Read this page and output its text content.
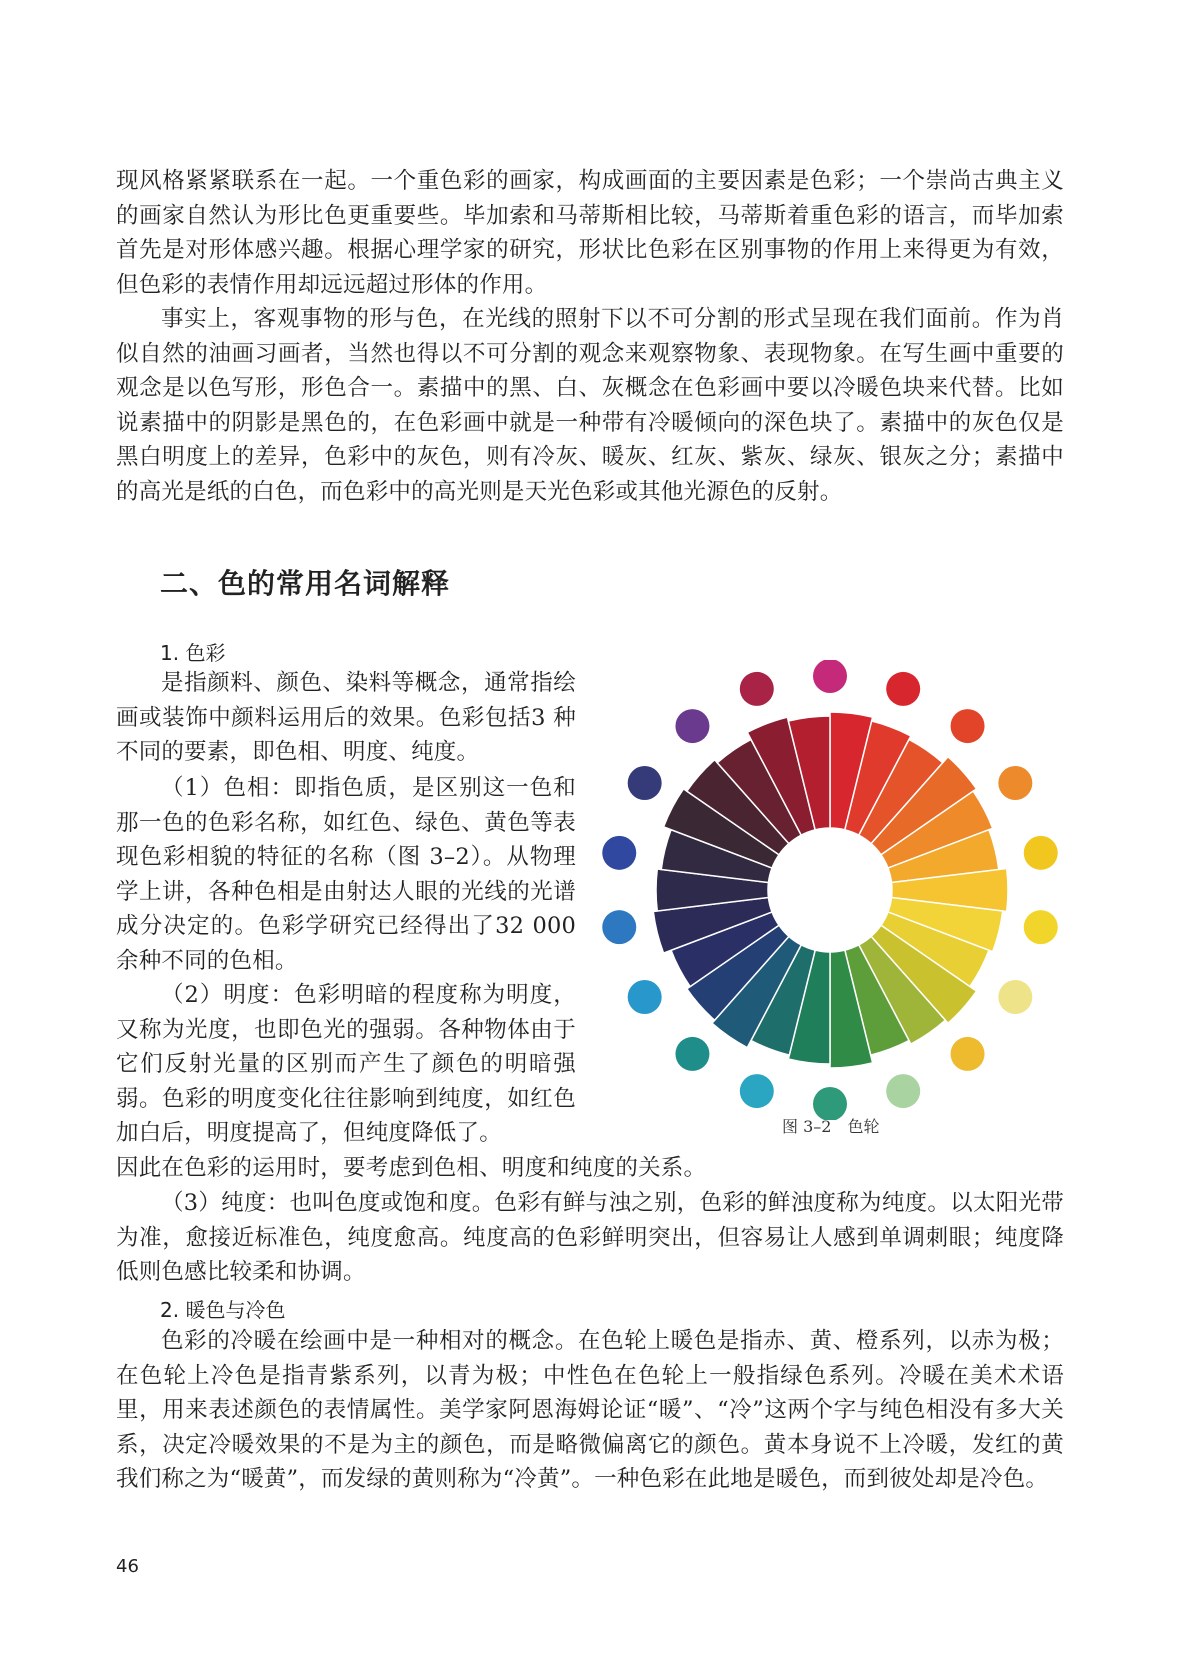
现风格紧紧联系在一起。一个重色彩的画家，构成画面的主要因素是色彩；一个崇尚古典主义的画家自然认为形比色更重要些。毕加索和马蒂斯相比较，马蒂斯着重色彩的语言，而毕加索首先是对形体感兴趣。根据心理学家的研究，形状比色彩在区别事物的作用上来得更为有效，但色彩的表情作用却远远超过形体的作用。

事实上，客观事物的形与色，在光线的照射下以不可分割的形式呈现在我们面前。作为肖似自然的油画习画者，当然也得以不可分割的观念来观察物象、表现物象。在写生画中重要的观念是以色写形，形色合一。素描中的黑、白、灰概念在色彩画中要以冷暖色块来代替。比如说素描中的阴影是黑色的，在色彩画中就是一种带有冷暖倾向的深色块了。素描中的灰色仅是黑白明度上的差异，色彩中的灰色，则有冷灰、暖灰、红灰、紫灰、绿灰、银灰之分；素描中的高光是纸的白色，而色彩中的高光则是天光色彩或其他光源色的反射。

二、色的常用名词解释
1. 色彩

是指颜料、颜色、染料等概念，通常指绘画或装饰中颜料运用后的效果。色彩包括3 种不同的要素，即色相、明度、纯度。

（1）色相：即指色质，是区别这一色和那一色的色彩名称，如红色、绿色、黄色等表现色彩相貌的特征的名称（图 3–2）。从物理学上讲，各种色相是由射达人眼的光线的光谱成分决定的。色彩学研究已经得出了32 000 余种不同的色相。

（2）明度：色彩明暗的程度称为明度，又称为光度，也即色光的强弱。各种物体由于它们反射光量的区别而产生了颜色的明暗强弱。色彩的明度变化往往影响到纯度，如红色加白后，明度提高了，但纯度降低了。

因此在色彩的运用时，要考虑到色相、明度和纯度的关系。

（3）纯度：也叫色度或饱和度。色彩有鲜与浊之别，色彩的鲜浊度称为纯度。以太阳光带为准，愈接近标准色，纯度愈高。纯度高的色彩鲜明突出，但容易让人感到单调刺眼；纯度降低则色感比较柔和协调。

2. 暖色与冷色

色彩的冷暖在绘画中是一种相对的概念。在色轮上暖色是指赤、黄、橙系列，以赤为极；在色轮上冷色是指青紫系列，以青为极；中性色在色轮上一般指绿色系列。冷暖在美术术语里，用来表述颜色的表情属性。美学家阿恩海姆论证“暖”、“冷”这两个字与纯色相没有多大关系，决定冷暖效果的不是为主的颜色，而是略微偏离它的颜色。黄本身说不上冷暖，发红的黄我们称之为“暖黄”，而发绿的黄则称为“冷黄”。一种色彩在此地是暖色，而到彼处却是冷色。

图 3–2　色轮

46
